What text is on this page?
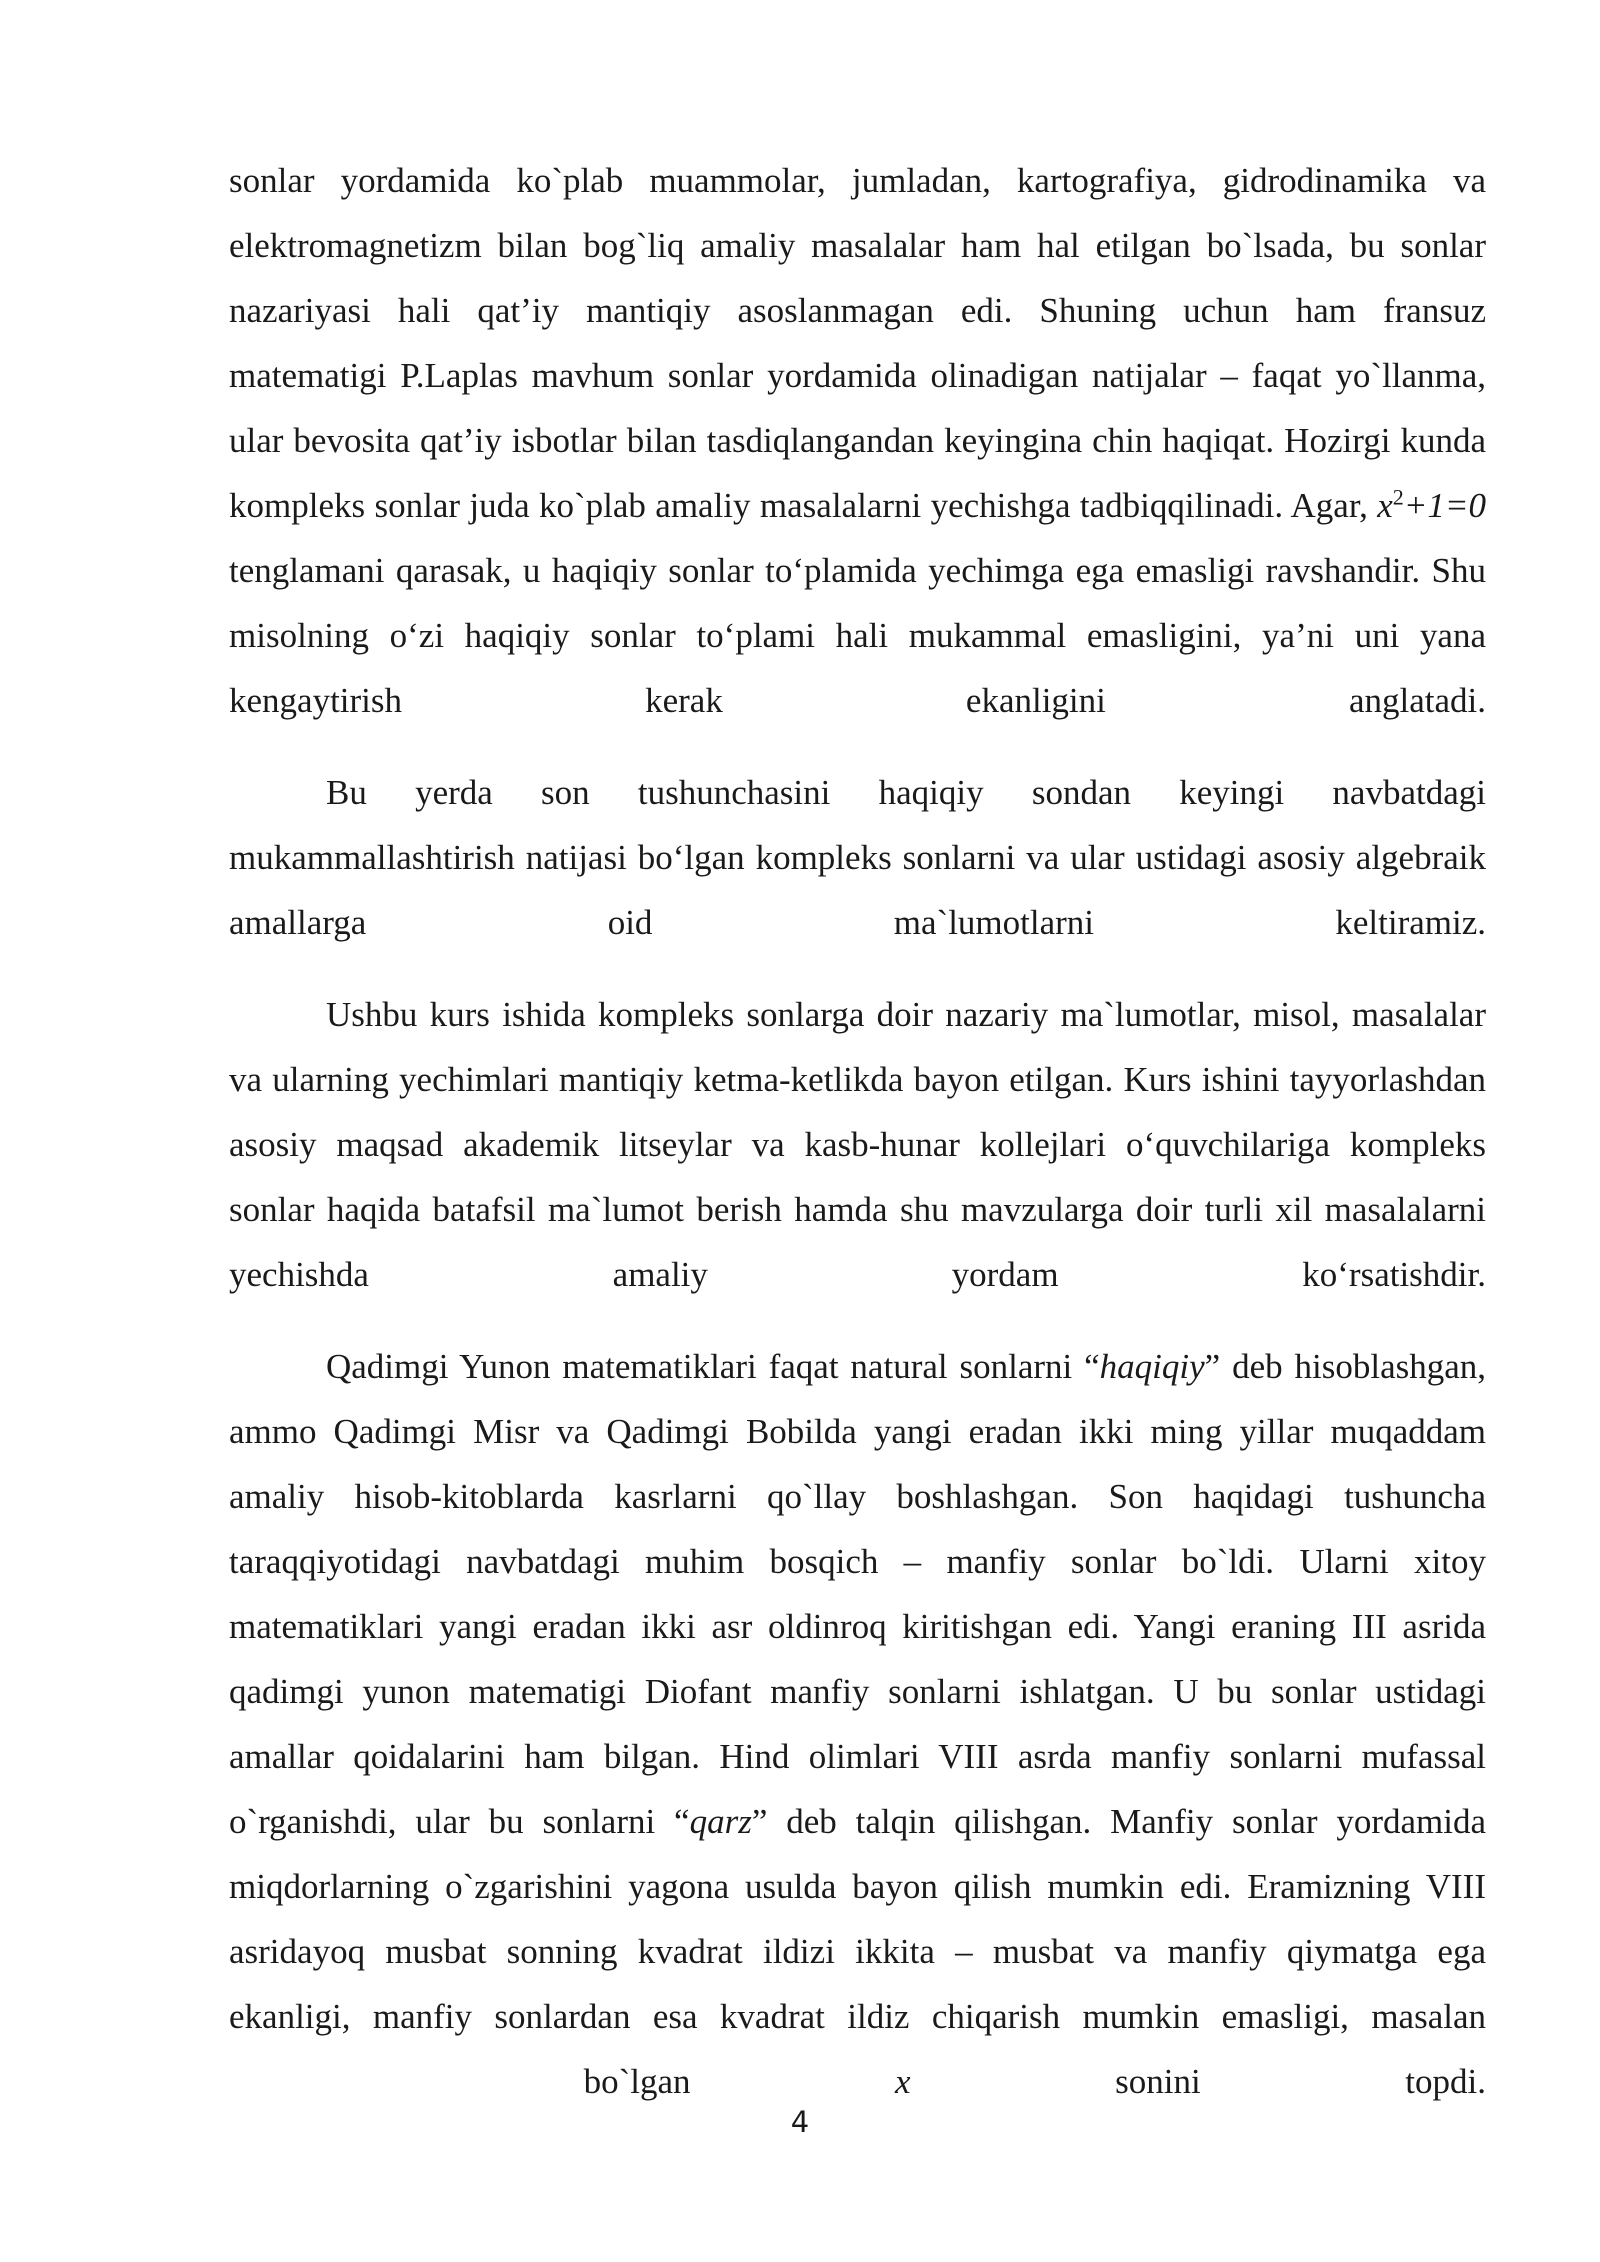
sonlar yordamida ko`plab muammolar, jumladan, kartografiya, gidrodinamika va elektromagnetizm bilan bog`liq amaliy masalalar ham hal etilgan bo`lsada, bu sonlar nazariyasi hali qat’iy mantiqiy asoslanmagan edi. Shuning uchun ham fransuz matematigi P.Laplas mavhum sonlar yordamida olinadigan natijalar – faqat yo`llanma, ular bevosita qat’iy isbotlar bilan tasdiqlangandan keyingina chin haqiqat. Hozirgi kunda kompleks sonlar juda ko`plab amaliy masalalarni yechishga tadbiqqilinadi. Agar, $x^2+1=0$ tenglamani qarasak, u haqiqiy sonlar to‘plamida yechimga ega emasligi ravshandir. Shu misolning o‘zi haqiqiy sonlar to‘plami hali mukammal emasligini, ya’ni uni yana kengaytirish kerak ekanligini anglatadi.

Bu yerda son tushunchasini haqiqiy sondan keyingi navbatdagi mukammallashtirish natijasi bo‘lgan kompleks sonlarni va ular ustidagi asosiy algebraik amallarga oid ma`lumotlarni keltiramiz.

Ushbu kurs ishida kompleks sonlarga doir nazariy ma`lumotlar, misol, masalalar va ularning yechimlari mantiqiy ketma-ketlikda bayon etilgan. Kurs ishini tayyorlashdan asosiy maqsad akademik litseylar va kasb-hunar kollejlari o‘quvchilariga kompleks sonlar haqida batafsil ma`lumot berish hamda shu mavzularga doir turli xil masalalarni yechishda amaliy yordam ko‘rsatishdir.

Qadimgi Yunon matematiklari faqat natural sonlarni “haqiqiy” deb hisoblashgan, ammo Qadimgi Misr va Qadimgi Bobilda yangi eradan ikki ming yillar muqaddam amaliy hisob-kitoblarda kasrlarni qo`llay boshlashgan. Son haqidagi tushuncha taraqqiyotidagi navbatdagi muhim bosqich – manfiy sonlar bo`ldi. Ularni xitoy matematiklari yangi eradan ikki asr oldinroq kiritishgan edi. Yangi eraning III asrida qadimgi yunon matematigi Diofant manfiy sonlarni ishlatgan. U bu sonlar ustidagi amallar qoidalarini ham bilgan. Hind olimlari VIII asrda manfiy sonlarni mufassal o`rganishdi, ular bu sonlarni “qarz” deb talqin qilishgan. Manfiy sonlar yordamida miqdorlarning o`zgarishini yagona usulda bayon qilish mumkin edi. Eramizning VIII asridayoq musbat sonning kvadrat ildizi ikkita – musbat va manfiy qiymatga ega ekanligi, manfiy sonlardan esa kvadrat ildiz chiqarish mumkin emasligi, masalan bo`lgan x sonini topdi.

4
